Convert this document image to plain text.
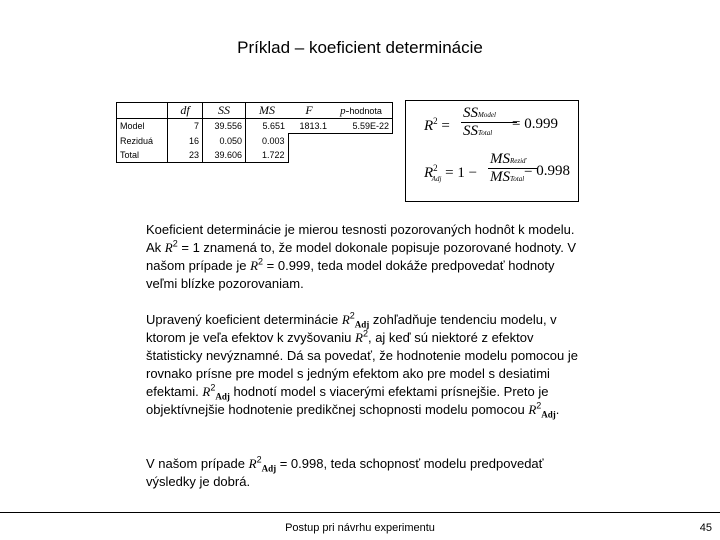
Príklad – koeficient determinácie
	df	SS	MS	F	p-hodnota
Model	7	39.556	5.651	1813.1	5.59E-22
Reziduá	16	0.050	0.003		
Total	23	39.606	1.722		
$R^2$ =
SSModel
SSTotal
= 0.999
$R^2_{Adj} = 1$ −
MSReziď
MSTotal = 0.998
Koeficient determinácie je mierou tesnosti pozorovaných hodnôt k modelu. Ak $R^2 = 1$ znamená to, že model dokonale popisuje pozorované hodnoty. V našom prípade je $R^2 = 0.999$, teda model dokáže predpovedať hodnoty veľmi blízke pozorovaniam.
Upravený koeficient determinácie $R^2_{Adj}$ zohľadňuje tendenciu modelu, v ktorom je veľa efektov k zvyšovaniu $R^2$, aj keď sú niektoré z efektov štatisticky nevýznamné. Dá sa povedať, že hodnotenie modelu pomocou je rovnako prísne pre model s jedným efektom ako pre model s desiatimi efektami. $R^2_{Adj}$ hodnotí model s viacerými efektami prísnejšie. Preto je objektívnejšie hodnotenie predikčnej schopnosti modelu pomocou $R^2_{Adj}$.
V našom prípade $R^2_{Adj} = 0.998$, teda schopnosť modelu predpovedať výsledky je dobrá.
Postup pri návrhu experimentu	45
